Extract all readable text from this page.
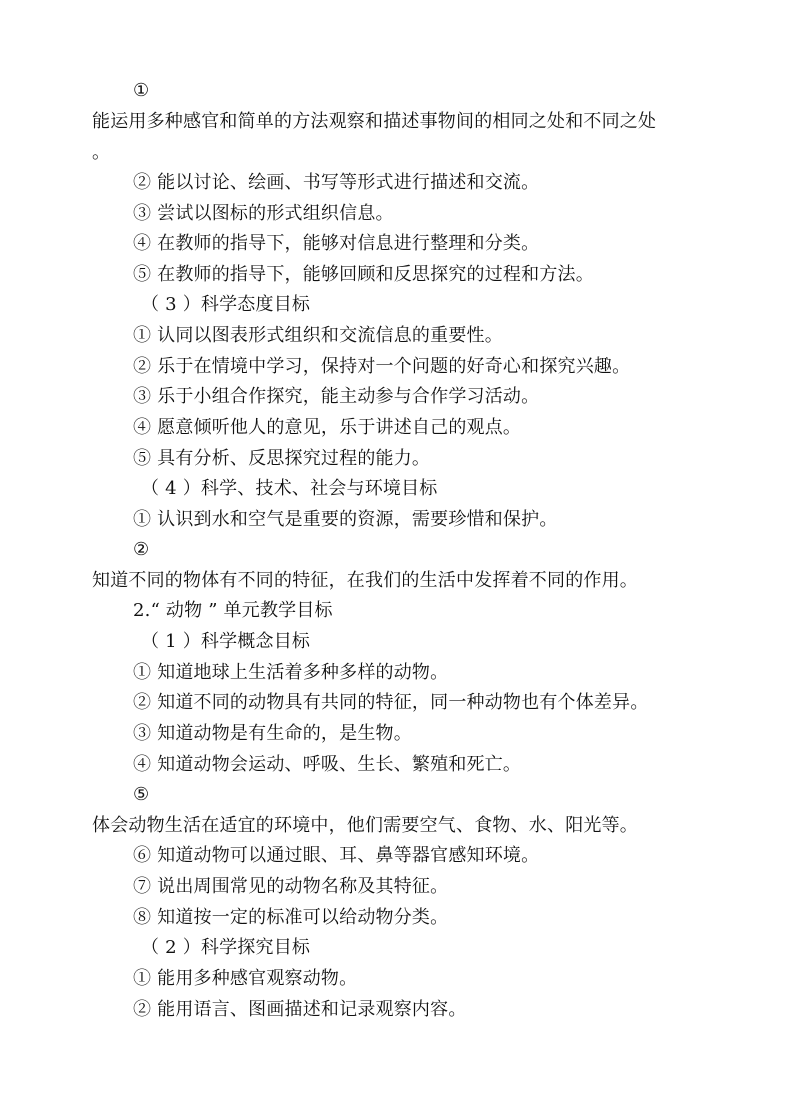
①
能运用多种感官和简单的方法观察和描述事物间的相同之处和不同之处
。
② 能以讨论、绘画、书写等形式进行描述和交流。
③ 尝试以图标的形式组织信息。
④ 在教师的指导下，能够对信息进行整理和分类。
⑤ 在教师的指导下，能够回顾和反思探究的过程和方法。
（ 3 ）科学态度目标
① 认同以图表形式组织和交流信息的重要性。
② 乐于在情境中学习，保持对一个问题的好奇心和探究兴趣。
③ 乐于小组合作探究，能主动参与合作学习活动。
④ 愿意倾听他人的意见，乐于讲述自己的观点。
⑤ 具有分析、反思探究过程的能力。
（ 4 ）科学、技术、社会与环境目标
① 认识到水和空气是重要的资源，需要珍惜和保护。
②
知道不同的物体有不同的特征，在我们的生活中发挥着不同的作用。
2.“ 动物 ” 单元教学目标
（ 1 ）科学概念目标
① 知道地球上生活着多种多样的动物。
② 知道不同的动物具有共同的特征，同一种动物也有个体差异。
③ 知道动物是有生命的，是生物。
④ 知道动物会运动、呼吸、生长、繁殖和死亡。
⑤
体会动物生活在适宜的环境中，他们需要空气、食物、水、阳光等。
⑥ 知道动物可以通过眼、耳、鼻等器官感知环境。
⑦ 说出周围常见的动物名称及其特征。
⑧ 知道按一定的标准可以给动物分类。
（ 2 ）科学探究目标
① 能用多种感官观察动物。
② 能用语言、图画描述和记录观察内容。
